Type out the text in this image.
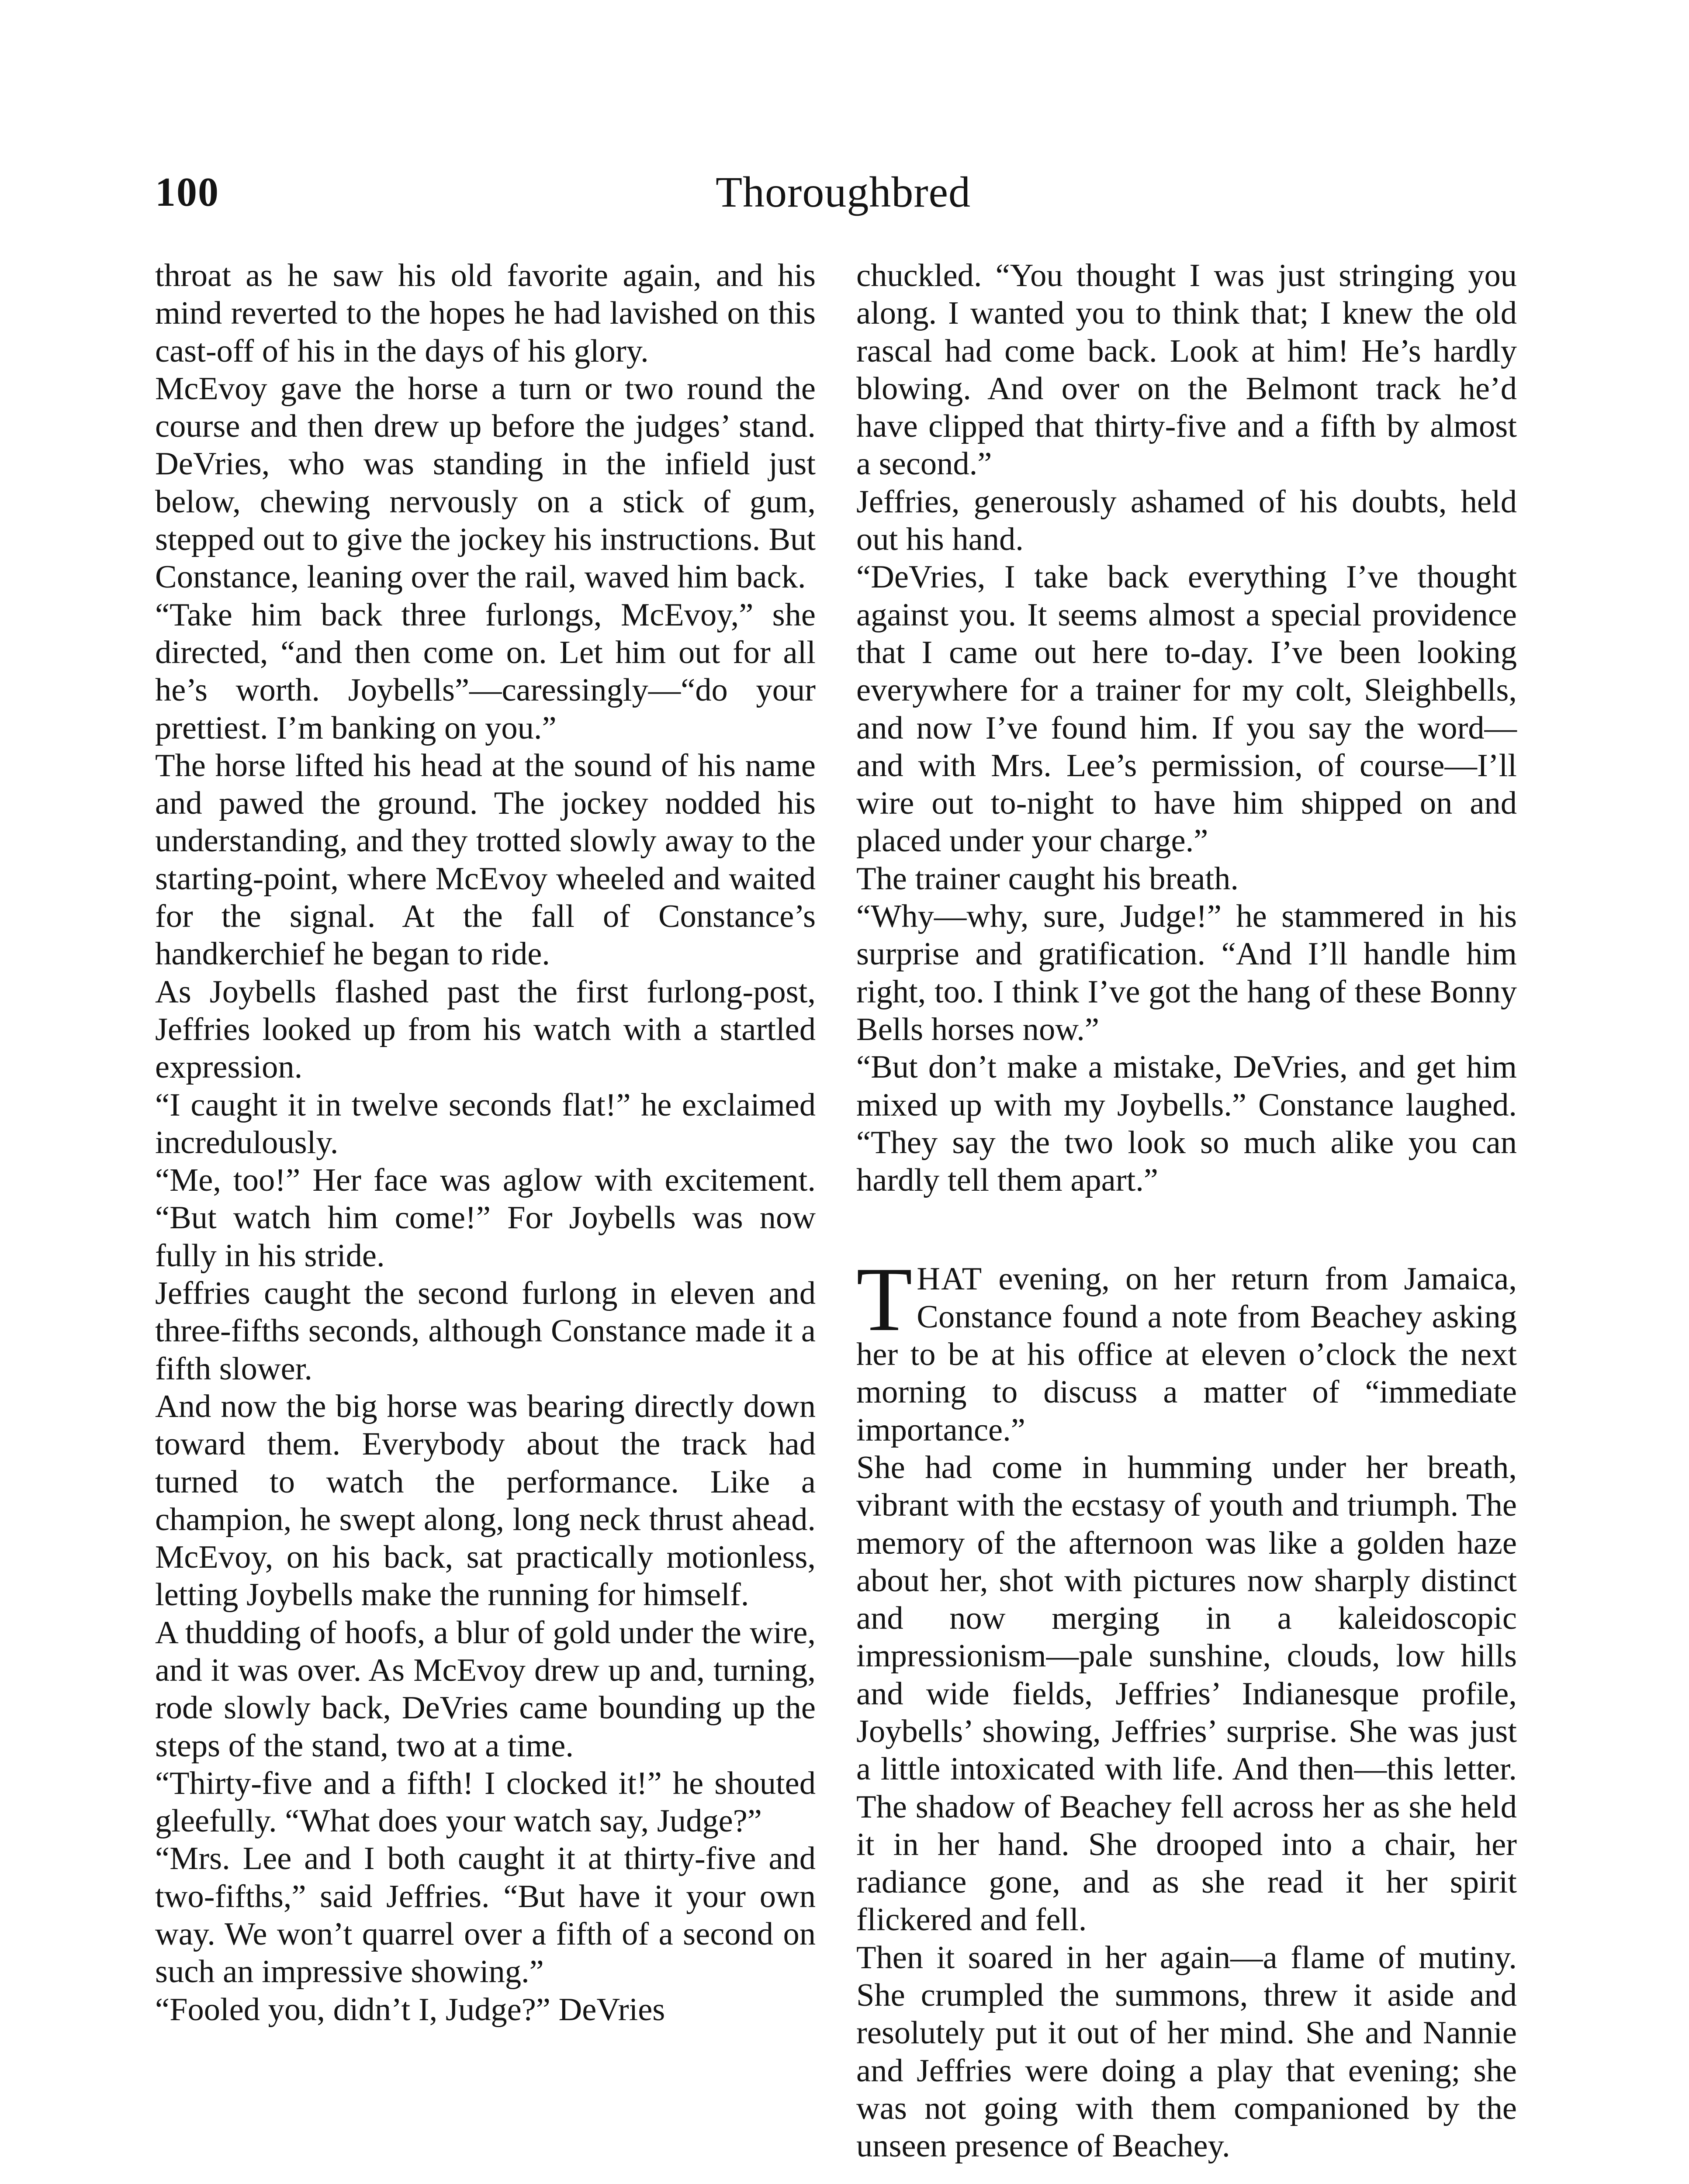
100	Thoroughbred

throat as he saw his old favorite again, and his mind reverted to the hopes he had lavished on this cast-off of his in the days of his glory.

McEvoy gave the horse a turn or two round the course and then drew up before the judges’ stand. DeVries, who was standing in the infield just below, chewing nervously on a stick of gum, stepped out to give the jockey his instructions. But Constance, leaning over the rail, waved him back.

“Take him back three furlongs, McEvoy,” she directed, “and then come on. Let him out for all he’s worth. Joybells”—caressingly—“do your prettiest. I’m banking on you.”

The horse lifted his head at the sound of his name and pawed the ground. The jockey nodded his understanding, and they trotted slowly away to the starting-point, where McEvoy wheeled and waited for the signal. At the fall of Constance’s handkerchief he began to ride.

As Joybells flashed past the first furlong-post, Jeffries looked up from his watch with a startled expression.

“I caught it in twelve seconds flat!” he exclaimed incredulously.

“Me, too!” Her face was aglow with excitement. “But watch him come!” For Joybells was now fully in his stride.

Jeffries caught the second furlong in eleven and three-fifths seconds, although Constance made it a fifth slower.

And now the big horse was bearing directly down toward them. Everybody about the track had turned to watch the performance. Like a champion, he swept along, long neck thrust ahead. McEvoy, on his back, sat practically motionless, letting Joybells make the running for himself.

A thudding of hoofs, a blur of gold under the wire, and it was over. As McEvoy drew up and, turning, rode slowly back, DeVries came bounding up the steps of the stand, two at a time.

“Thirty-five and a fifth! I clocked it!” he shouted gleefully. “What does your watch say, Judge?”

“Mrs. Lee and I both caught it at thirty-five and two-fifths,” said Jeffries. “But have it your own way. We won’t quarrel over a fifth of a second on such an impressive showing.”

“Fooled you, didn’t I, Judge?” DeVries

chuckled. “You thought I was just stringing you along. I wanted you to think that; I knew the old rascal had come back. Look at him! He’s hardly blowing. And over on the Belmont track he’d have clipped that thirty-five and a fifth by almost a second.”

Jeffries, generously ashamed of his doubts, held out his hand.

“DeVries, I take back everything I’ve thought against you. It seems almost a special providence that I came out here to-day. I’ve been looking everywhere for a trainer for my colt, Sleighbells, and now I’ve found him. If you say the word—and with Mrs. Lee’s permission, of course—I’ll wire out to-night to have him shipped on and placed under your charge.”

The trainer caught his breath.

“Why—why, sure, Judge!” he stammered in his surprise and gratification. “And I’ll handle him right, too. I think I’ve got the hang of these Bonny Bells horses now.”

“But don’t make a mistake, DeVries, and get him mixed up with my Joybells.” Constance laughed. “They say the two look so much alike you can hardly tell them apart.”

THAT evening, on her return from Jamaica, Constance found a note from Beachey asking her to be at his office at eleven o’clock the next morning to discuss a matter of “immediate importance.”

She had come in humming under her breath, vibrant with the ecstasy of youth and triumph. The memory of the afternoon was like a golden haze about her, shot with pictures now sharply distinct and now merging in a kaleidoscopic impressionism—pale sunshine, clouds, low hills and wide fields, Jeffries’ Indianesque profile, Joybells’ showing, Jeffries’ surprise. She was just a little intoxicated with life. And then—this letter. The shadow of Beachey fell across her as she held it in her hand. She drooped into a chair, her radiance gone, and as she read it her spirit flickered and fell.

Then it soared in her again—a flame of mutiny. She crumpled the summons, threw it aside and resolutely put it out of her mind. She and Nannie and Jeffries were doing a play that evening; she was not going with them companioned by the unseen presence of Beachey.
